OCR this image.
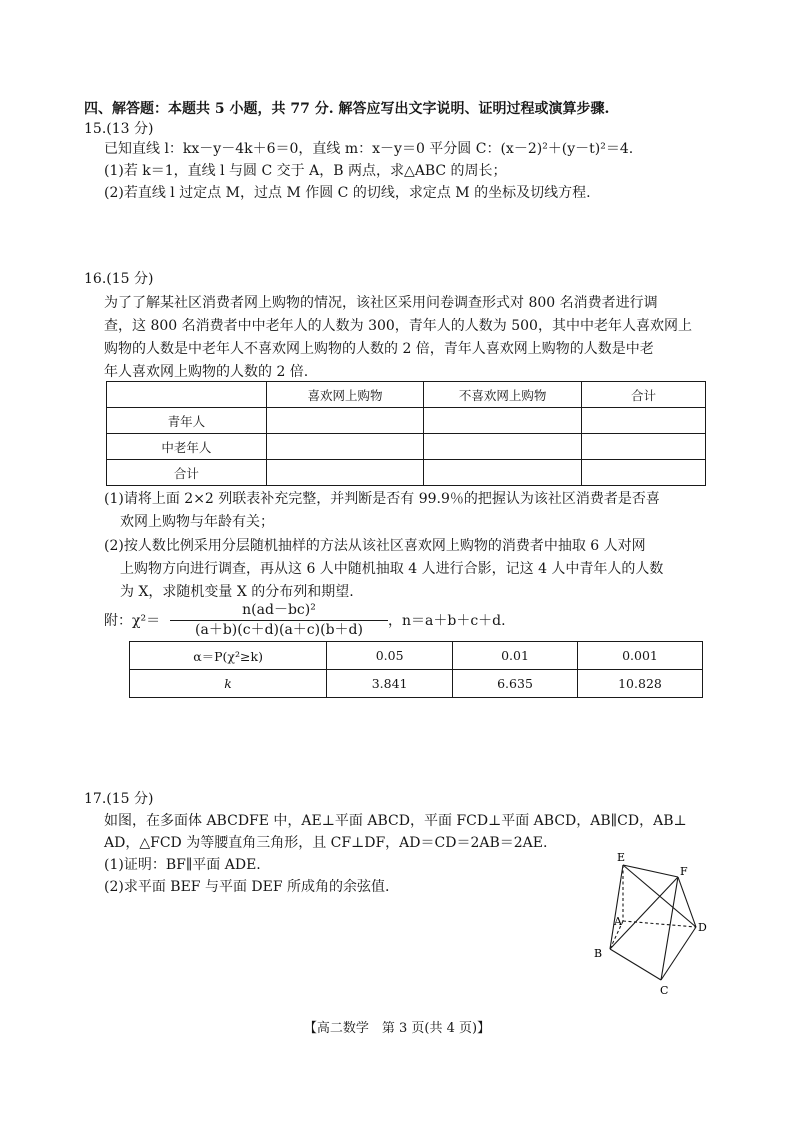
四、解答题：本题共 5 小题，共 77 分. 解答应写出文字说明、证明过程或演算步骤.
15.(13 分)
已知直线 l：kx－y－4k＋6＝0，直线 m：x－y＝0 平分圆 C：(x－2)²＋(y－t)²＝4.
(1)若 k＝1，直线 l 与圆 C 交于 A，B 两点，求△ABC 的周长；
(2)若直线 l 过定点 M，过点 M 作圆 C 的切线，求定点 M 的坐标及切线方程.
16.(15 分)
为了了解某社区消费者网上购物的情况，该社区采用问卷调查形式对 800 名消费者进行调
查，这 800 名消费者中中老年人的人数为 300，青年人的人数为 500，其中中老年人喜欢网上
购物的人数是中老年人不喜欢网上购物的人数的 2 倍，青年人喜欢网上购物的人数是中老
年人喜欢网上购物的人数的 2 倍.
	喜欢网上购物	不喜欢网上购物	合计
青年人			
中老年人			
合计			
(1)请将上面 2×2 列联表补充完整，并判断是否有 99.9％的把握认为该社区消费者是否喜
欢网上购物与年龄有关；
(2)按人数比例采用分层随机抽样的方法从该社区喜欢网上购物的消费者中抽取 6 人对网
上购物方向进行调查，再从这 6 人中随机抽取 4 人进行合影，记这 4 人中青年人的人数
为 X，求随机变量 X 的分布列和期望.
附：χ²＝
n(ad－bc)²
(a＋b)(c＋d)(a＋c)(b＋d)
，n＝a＋b＋c＋d.
α＝P(χ²≥k)	0.05	0.01	0.001
k	3.841	6.635	10.828
17.(15 分)
如图，在多面体 ABCDFE 中，AE⊥平面 ABCD，平面 FCD⊥平面 ABCD，AB∥CD，AB⊥
AD，△FCD 为等腰直角三角形，且 CF⊥DF，AD＝CD＝2AB＝2AE.
(1)证明：BF∥平面 ADE.
(2)求平面 BEF 与平面 DEF 所成角的余弦值.
E
F
A	D
B
C
【高二数学　第 3 页(共 4 页)】
